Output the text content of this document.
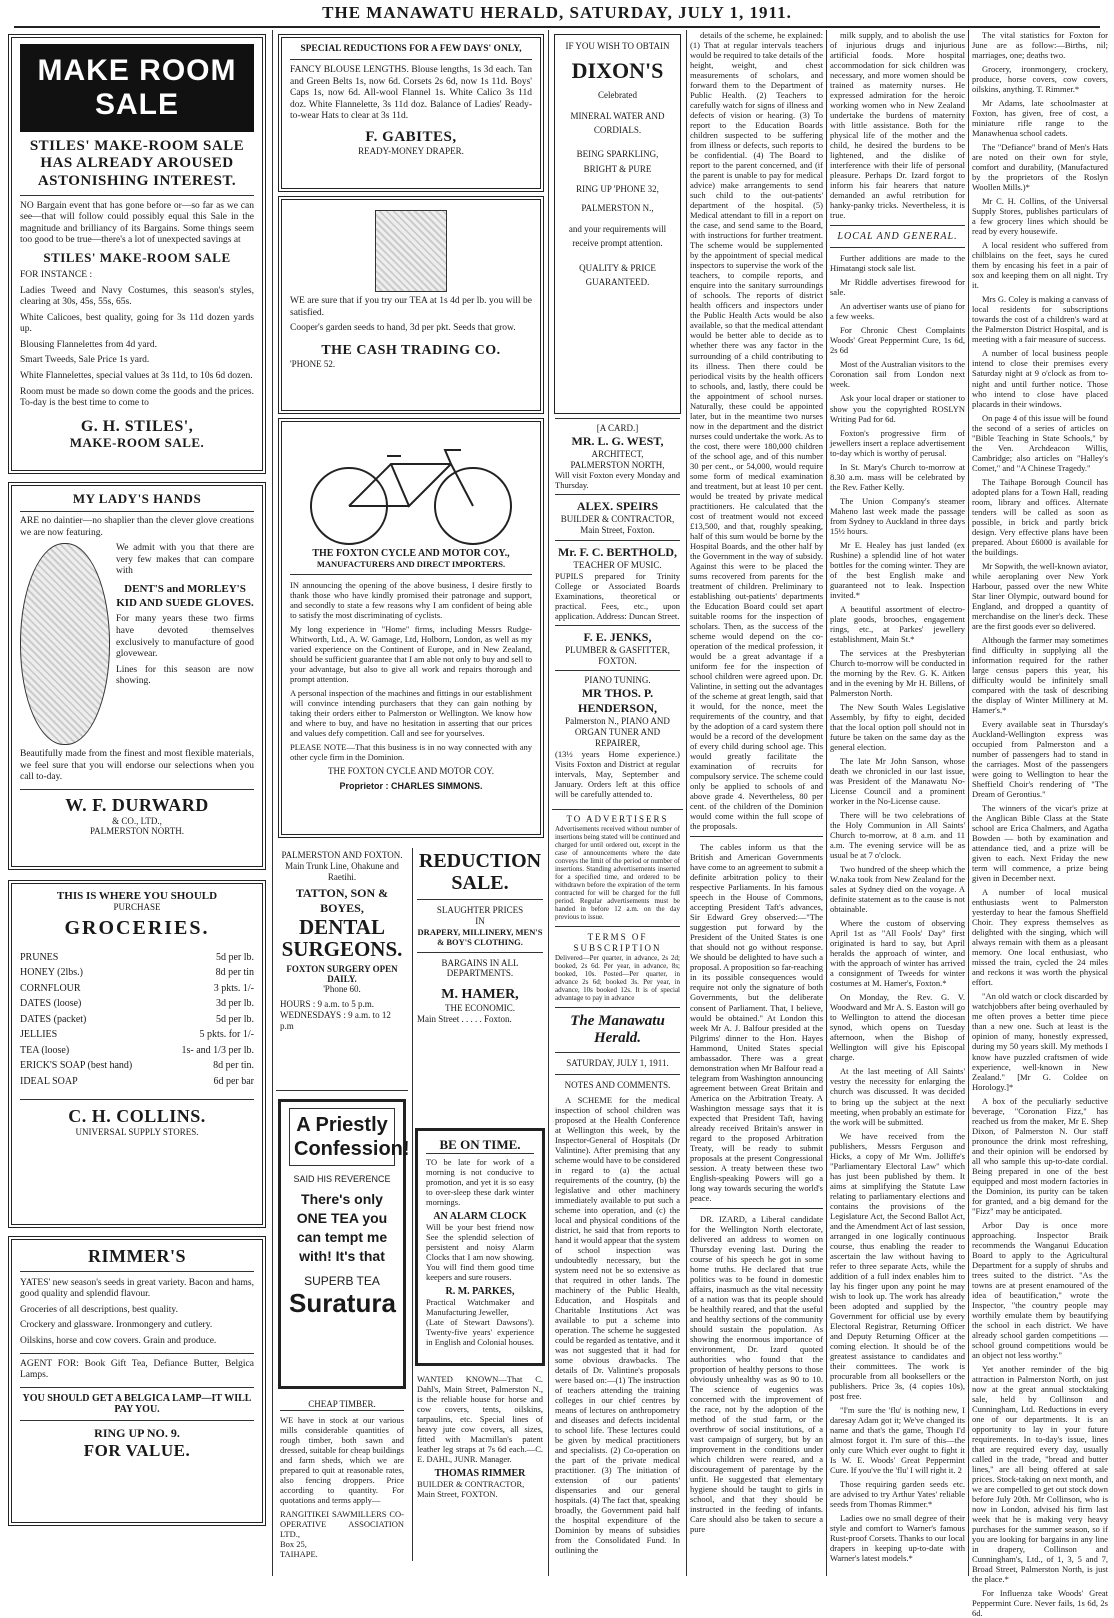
THE MANAWATU HERALD, SATURDAY, JULY 1, 1911.
MAKE ROOM SALE
STILES' MAKE-ROOM SALE HAS ALREADY AROUSED ASTONISHING INTEREST.

NO Bargain event that has gone before or—so far as we can see—that will follow could possibly equal this Sale in the magnitude and brilliancy of its Bargains. Some things seem too good to be true—there's a lot of unexpected savings at

STILES' MAKE-ROOM SALE

FOR INSTANCE :

Ladies Tweed and Navy Costumes, this season's styles, clearing at 30s, 45s, 55s, 65s.

White Calicoes, best quality, going for 3s 11d dozen yards up.

Blousing Flannelettes from 4d yard.

Smart Tweeds, Sale Price 1s yard.

White Flannelettes, special values at 3s 11d, to 10s 6d dozen.

Room must be made so down come the goods and the prices. To-day is the best time to come to

G. H. STILES',
MAKE-ROOM SALE.
MY LADY'S HANDS

ARE no daintier—no shaplier than the clever glove creations we are now featuring.

We admit with you that there are very few makes that can compare with

DENT'S and MORLEY'S KID AND SUEDE GLOVES.

For many years these two firms have devoted themselves exclusively to manufacture of good glovewear.

Lines for this season are now showing.

Beautifully made from the finest and most flexible materials, we feel sure that you will endorse our selections when you call to-day.

W. F. DURWARD
& CO., LTD.,
PALMERSTON NORTH.
THIS IS WHERE YOU SHOULD
PURCHASE
GROCERIES.
PRUNES	5d per lb.
HONEY (2lbs.)	8d per tin
CORNFLOUR	3 pkts. 1/-
DATES (loose)	3d per lb.
DATES (packet)	5d per lb.
JELLIES	5 pkts. for 1/-
TEA (loose)	1s- and 1/3 per lb.
ERICK'S SOAP (best hand)	8d per tin.
IDEAL SOAP	6d per bar
C. H. COLLINS.
UNIVERSAL SUPPLY STORES.
RIMMER'S

YATES' new season's seeds in great variety. Bacon and hams, good quality and splendid flavour.

Groceries of all descriptions, best quality.

Crockery and glassware. Ironmongery and cutlery.

Oilskins, horse and cow covers. Grain and produce.

AGENT FOR: Book Gift Tea, Defiance Butter, Belgica Lamps.

YOU SHOULD GET A BELGICA LAMP—IT WILL PAY YOU.

RING UP NO. 9.
FOR VALUE.
SPECIAL REDUCTIONS FOR A FEW DAYS' ONLY,

FANCY BLOUSE LENGTHS. Blouse lengths, 1s 3d each. Tan and Green Belts 1s, now 6d. Corsets 2s 6d, now 1s 11d. Boys' Caps 1s, now 6d. All-wool Flannel 1s. White Calico 3s 11d doz. White Flannelette, 3s 11d doz. Balance of Ladies' Ready-to-wear Hats to clear at 3s 11d.

F. GABITES,
READY-MONEY DRAPER.

WE are sure that if you try our TEA at 1s 4d per lb. you will be satisfied.

Cooper's garden seeds to hand, 3d per pkt. Seeds that grow.

THE CASH TRADING CO.
'PHONE 52.
THE FOXTON CYCLE AND MOTOR COY.,
MANUFACTURERS AND DIRECT IMPORTERS.

IN announcing the opening of the above business, I desire firstly to thank those who have kindly promised their patronage and support, and secondly to state a few reasons why I am confident of being able to satisfy the most discriminating of cyclists.

My long experience in "Home" firms, including Messrs Rudge-Whitworth, Ltd., A. W. Gamage, Ltd, Holborn, London, as well as my varied experience on the Continent of Europe, and in New Zealand, should be sufficient guarantee that I am able not only to buy and sell to your advantage, but also to give all work and repairs thorough and prompt attention.

A personal inspection of the machines and fittings in our establishment will convince intending purchasers that they can gain nothing by taking their orders either to Palmerston or Wellington. We know how and where to buy, and have no hesitation in asserting that our prices and values defy competition. Call and see for yourselves.

PLEASE NOTE—That this business is in no way connected with any other cycle firm in the Dominion.

THE FOXTON CYCLE AND MOTOR COY.
Proprietor : CHARLES SIMMONS.
PALMERSTON AND FOXTON.
Main Trunk Line, Ohakune and Raetihi.
TATTON, SON & BOYES,
DENTAL SURGEONS.
FOXTON SURGERY OPEN DAILY.
'Phone 60.
HOURS : 9 a.m. to 5 p.m.
WEDNESDAYS : 9 a.m. to 12 p.m
A Priestly Confession!
SAID HIS REVERENCE
There's only ONE TEA you can tempt me with! It's that
SUPERB TEA
Suratura
CHEAP TIMBER.

WE have in stock at our various mills considerable quantities of rough timber, both sawn and dressed, suitable for cheap buildings and farm sheds, which we are prepared to quit at reasonable rates, also fencing droppers. Price according to quantity. For quotations and terms apply—

RANGITIKEI SAWMILLERS CO-OPERATIVE ASSOCIATION LTD.,
Box 25,
TAIHAPE.
REDUCTION SALE.
SLAUGHTER PRICES
IN
DRAPERY, MILLINERY, MEN'S & BOY'S CLOTHING.
BARGAINS IN ALL DEPARTMENTS.
M. HAMER,
THE ECONOMIC.
Main Street . . . . . Foxton.
BE ON TIME.

TO be late for work of a morning is not conducive to promotion, and yet it is so easy to over-sleep these dark winter mornings.

AN ALARM CLOCK

Will be your best friend now See the splendid selection of persistent and noisy Alarm Clocks that I am now showing. You will find them good time keepers and sure rousers.

R. M. PARKES,
Practical Watchmaker and Manufacturing Jeweller,
(Late of Stewart Dawsons'). Twenty-five years' experience in English and Colonial houses.

WANTED KNOWN—That C. Dahl's, Main Street, Palmerston N., is the reliable house for horse and cow covers, tents, oilskins, tarpaulins, etc. Special lines of heavy jute cow covers, all sizes, fitted with Macmillan's patent leather leg straps at 7s 6d each.—C. E. DAHL, JUNR. Manager.

THOMAS RIMMER
BUILDER & CONTRACTOR,
Main Street, FOXTON.
IF YOU WISH TO OBTAIN
DIXON'S
Celebrated
MINERAL WATER AND CORDIALS.
BEING SPARKLING, BRIGHT & PURE
RING UP 'PHONE 32,
PALMERSTON N.,
and your requirements will receive prompt attention.
QUALITY & PRICE GUARANTEED.
[A CARD.]
MR. L. G. WEST,
ARCHITECT,
PALMERSTON NORTH,
Will visit Foxton every Monday and Thursday.
ALEX. SPEIRS
BUILDER & CONTRACTOR,
Main Street, Foxton.
Mr. F. C. BERTHOLD,
TEACHER OF MUSIC.
PUPILS prepared for Trinity College or Associated Boards Examinations, theoretical or practical. Fees, etc., upon application. Address: Duncan Street.
F. E. JENKS,
PLUMBER & GASFITTER,
FOXTON.
PIANO TUNING.
MR THOS. P. HENDERSON,
Palmerston N., PIANO AND ORGAN TUNER AND REPAIRER,
(13½ years Home experience.) Visits Foxton and District at regular intervals, May, September and January. Orders left at this office will be carefully attended to.
TO ADVERTISERS

Advertisements received without number of insertions being stated will be continued and charged for until ordered out, except in the case of announcements where the date conveys the limit of the period or number of insertions. Standing advertisements inserted for a specified time, and ordered to be withdrawn before the expiration of the term contracted for will be charged for the full period. Regular advertisements must be handed in before 12 a.m. on the day previous to issue.

TERMS OF SUBSCRIPTION

Delivered—Per quarter, in advance, 2s 2d; booked, 2s 6d. Per year, in advance, 8s; booked, 10s. Posted—Per quarter, in advance 2s 6d; booked 3s. Per year, in advance, 10s booked 12s. It is of special advantage to pay in advance

The Manawatu Herald.
SATURDAY, JULY 1, 1911.
NOTES AND COMMENTS.

A SCHEME for the medical inspection of school children was proposed at the Health Conference at Wellington this week, by the Inspector-General of Hospitals (Dr Valintine). After premising that any scheme would have to be considered in regard to (a) the actual requirements of the country, (b) the legislative and other machinery immediately available to put such a scheme into operation, and (c) the local and physical conditions of the district, he said that from reports to hand it would appear that the system of school inspection was undoubtedly necessary, but the system need not be so extensive as that required in other lands. The machinery of the Public Health, Education, and Hospitals and Charitable Institutions Act was available to put a scheme into operation. The scheme he suggested could be regarded as tentative, and it was not suggested that it had for some obvious drawbacks. The details of Dr. Valintine's proposals were based on:—(1) The instruction of teachers attending the training colleges in our chief centres by means of lectures on anthropometry and diseases and defects incidental to school life. These lectures could be given by medical practitioners and specialists. (2) Co-operation on the part of the private medical practitioner. (3) The initiation of extension of our patients' dispensaries and our general hospitals. (4) The fact that, speaking broadly, the Government paid half the hospital expenditure of the Dominion by means of subsidies from the Consolidated Fund. In outlining the

details of the scheme, he explained: (1) That at regular intervals teachers would be required to take details of the height, weight, and chest measurements of scholars, and forward them to the Department of Public Health. (2) Teachers to carefully watch for signs of illness and defects of vision or hearing. (3) To report to the Education Boards children suspected to be suffering from illness or defects, such reports to be confidential. (4) The Board to report to the parent concerned, and (if the parent is unable to pay for medical advice) make arrangements to send such child to the out-patients' department of the hospital. (5) Medical attendant to fill in a report on the case, and send same to the Board, with instructions for further treatment. The scheme would be supplemented by the appointment of special medical inspectors to supervise the work of the teachers, to compile reports, and enquire into the sanitary surroundings of schools. The reports of district health officers and inspectors under the Public Health Acts would be also available, so that the medical attendant would be better able to decide as to whether there was any factor in the surrounding of a child contributing to its illness. Then there could be periodical visits by the health officers to schools, and, lastly, there could be the appointment of school nurses. Naturally, these could be appointed later, but in the meantime two nurses now in the department and the district nurses could undertake the work. As to the cost, there were 180,000 children of the school age, and of this number 30 per cent., or 54,000, would require some form of medical examination and treatment, but at least 10 per cent. would be treated by private medical practitioners. He calculated that the cost of treatment would not exceed £13,500, and that, roughly speaking, half of this sum would be borne by the Hospital Boards, and the other half by the Government in the way of subsidy. Against this were to be placed the sums recovered from parents for the treatment of children. Preliminary to establishing out-patients' departments the Education Board could set apart suitable rooms for the inspection of scholars. Then, as the success of the scheme would depend on the co-operation of the medical profession, it would be a great advantage if a uniform fee for the inspection of school children were agreed upon. Dr. Valintine, in setting out the advantages of the scheme at great length, said that it would, for the nonce, meet the requirements of the country, and that by the adoption of a card system there would be a record of the development of every child during school age. This would greatly facilitate the examination of recruits for compulsory service. The scheme could only be applied to schools of and above grade 4. Nevertheless, 80 per cent. of the children of the Dominion would come within the full scope of the proposals.

The cables inform us that the British and American Governments have come to an agreement to submit a definite arbitration policy to their respective Parliaments. In his famous speech in the House of Commons, accepting President Taft's advances, Sir Edward Grey observed:—"The suggestion put forward by the President of the United States is one that should not go without response. We should be delighted to have such a proposal. A proposition so far-reaching in its possible consequences would require not only the signature of both Governments, but the deliberate consent of Parliament. That, I believe, would be obtained." At London this week Mr A. J. Balfour presided at the Pilgrims' dinner to the Hon. Hayes Hammond, United States special ambassador. There was a great demonstration when Mr Balfour read a telegram from Washington announcing agreement between Great Britain and America on the Arbitration Treaty. A Washington message says that it is expected that President Taft, having already received Britain's answer in regard to the proposed Arbitration Treaty, will be ready to submit proposals at the present Congressional session. A treaty between these two English-speaking Powers will go a long way towards securing the world's peace.

DR. IZARD, a Liberal candidate for the Wellington North electorate, delivered an address to women on Thursday evening last. During the course of his speech he got in some home truths. He declared that true politics was to be found in domestic affairs, inasmuch as the vital necessity of a nation was that its people should be healthily reared, and that the useful and healthy sections of the community should sustain the population. As showing the enormous importance of environment, Dr. Izard quoted authorities who found that the proportion of healthy persons to those obviously unhealthy was as 90 to 10. The science of eugenics was concerned with the improvement of the race, not by the adoption of the method of the stud farm, or the overthrow of social institutions, of a vast campaign of surgery, but by an improvement in the conditions under which children were reared, and a discouragement of parentage by the unfit. He suggested that elementary hygiene should be taught to girls in school, and that they should be instructed in the feeding of infants. Care should also be taken to secure a pure

milk supply, and to abolish the use of injurious drugs and injurious artificial foods. More hospital accommodation for sick children was necessary, and more women should be trained as maternity nurses. He expressed admiration for the heroic working women who in New Zealand undertake the burdens of maternity with little assistance. Both for the physical life of the mother and the child, he desired the burdens to be lightened, and the dislike of interference with their life of personal pleasure. Perhaps Dr. Izard forgot to inform his fair hearers that nature demanded an awful retribution for hanky-panky tricks. Nevertheless, it is true.

LOCAL AND GENERAL.

Further additions are made to the Himatangi stock sale list.

Mr Riddle advertises firewood for sale.

An advertiser wants use of piano for a few weeks.

For Chronic Chest Complaints Woods' Great Peppermint Cure, 1s 6d, 2s 6d

Most of the Australian visitors to the Coronation sail from London next week.

Ask your local draper or stationer to show you the copyrighted ROSLYN Writing Pad for 6d.

Foxton's progressive firm of jewellers insert a replace advertisement to-day which is worthy of perusal.

In St. Mary's Church to-morrow at 8.30 a.m. mass will be celebrated by the Rev. Father Kelly.

The Union Company's steamer Maheno last week made the passage from Sydney to Auckland in three days 15½ hours.

Mr E. Healey has just landed (ex Rushine) a splendid line of hot water bottles for the coming winter. They are of the best English make and guaranteed not to leak. Inspection invited.*

A beautiful assortment of electro-plate goods, brooches, engagement rings, etc., at Parkes' jewellery establishment, Main St.*

The services at the Presbyterian Church to-morrow will be conducted in the morning by the Rev. G. K. Aitken and in the evening by Mr H. Billens, of Palmerston North.

The New South Wales Legislative Assembly, by fifty to eight, decided that the local option poll should not in future be taken on the same day as the general election.

The late Mr John Sanson, whose death we chronicled in our last issue, was President of the Manawatu No-License Council and a prominent worker in the No-License cause.

There will be two celebrations of the Holy Communion in All Saints' Church to-morrow, at 8 a.m. and 11 a.m. The evening service will be as usual be at 7 o'clock.

Two hundred of the sheep which the W.naka took from New Zealand for the sales at Sydney died on the voyage. A definite statement as to the cause is not obtainable.

Where the custom of observing April 1st as "All Fools' Day" first originated is hard to say, but April heralds the approach of winter, and with the approach of winter has arrived a consignment of Tweeds for winter costumes at M. Hamer's, Foxton.*

On Monday, the Rev. G. V. Woodward and Mr A. S. Easton will go to Wellington to attend the diocesan synod, which opens on Tuesday afternoon, when the Bishop of Wellington will give his Episcopal charge.

At the last meeting of All Saints' vestry the necessity for enlarging the church was discussed. It was decided to bring up the subject at the next meeting, when probably an estimate for the work will be submitted.

We have received from the publishers, Messrs Ferguson and Hicks, a copy of Mr Wm. Jolliffe's "Parliamentary Electoral Law" which has just been published by them. It aims at simplifying the Statute Law relating to parliamentary elections and contains the provisions of the Legislature Act, the Second Ballot Act, and the Amendment Act of last session, arranged in one logically continuous course, thus enabling the reader to ascertain the law without having to refer to three separate Acts, while the addition of a full index enables him to lay his finger upon any point he may wish to look up. The work has already been adopted and supplied by the Government for official use by every Electoral Registrar, Returning Officer and Deputy Returning Officer at the coming election. It should be of the greatest assistance to candidates and their committees. The work is procurable from all booksellers or the publishers. Price 3s, (4 copies 10s), post free.

"I'm sure the 'flu' is nothing new, I daresay Adam got it; We've changed its name and that's the game, Though I'd almost forgot it. I'm sure of this—the only cure Which ever ought to fight it Is W. E. Woods' Great Peppermint Cure. If you've the 'flu' I will right it. 2

Those requiring garden seeds etc. are advised to try Arthur Yates' reliable seeds from Thomas Rimmer.*

Ladies owe no small degree of their style and comfort to Warner's famous Rust-proof Corsets. Thanks to our local drapers in keeping up-to-date with Warner's latest models.*

The vital statistics for Foxton for June are as follow:—Births, nil; marriages, one; deaths two.

Grocery, ironmongery, crockery, produce, horse covers, cow covers, oilskins, anything. T. Rimmer.*

Mr Adams, late schoolmaster at Foxton, has given, free of cost, a miniature rifle range to the Manawhenua school cadets.

The "Defiance" brand of Men's Hats are noted on their own for style, comfort and durability, (Manufactured by the proprietors of the Roslyn Woollen Mills.)*

Mr C. H. Collins, of the Universal Supply Stores, publishes particulars of a few grocery lines which should be read by every housewife.

A local resident who suffered from chilblains on the feet, says he cured them by encasing his feet in a pair of sox and keeping them on all night. Try it.

Mrs G. Coley is making a canvass of local residents for subscriptions towards the cost of a children's ward at the Palmerston District Hospital, and is meeting with a fair measure of success.

A number of local business people intend to close their premises every Saturday night at 9 o'clock as from to-night and until further notice. Those who intend to close have placed placards in their windows.

On page 4 of this issue will be found the second of a series of articles on "Bible Teaching in State Schools," by the Ven. Archdeacon Willis, Cambridge; also articles on "Halley's Comet," and "A Chinese Tragedy."

The Taihape Borough Council has adopted plans for a Town Hall, reading room, library and offices. Alternate tenders will be called as soon as possible, in brick and partly brick design. Very effective plans have been prepared. About £6000 is available for the buildings.

Mr Sopwith, the well-known aviator, while aeroplaning over New York Harbour, passed over the new White Star liner Olympic, outward bound for England, and dropped a quantity of merchandise on the liner's deck. These are the first goods ever so delivered.

Although the farmer may sometimes find difficulty in supplying all the information required for the rather large census papers this year, his difficulty would be infinitely small compared with the task of describing the display of Winter Millinery at M. Hamer's.*

Every available seat in Thursday's Auckland-Wellington express was occupied from Palmerston and a number of passengers had to stand in the carriages. Most of the passengers were going to Wellington to hear the Sheffield Choir's rendering of "The Dream of Gerontius."

The winners of the vicar's prize at the Anglican Bible Class at the State school are Erica Chalmers, and Agatha Bowden — both by examination and attendance tied, and a prize will be given to each. Next Friday the new term will commence, a prize being given in December next.

A number of local musical enthusiasts went to Palmerston yesterday to hear the famous Sheffield Choir. They express themselves as delighted with the singing, which will always remain with them as a pleasant memory. One local enthusiast, who missed the train, cycled the 24 miles and reckons it was worth the physical effort.

"An old watch or clock discarded by watchjobbers after being overhauled by me often proves a better time piece than a new one. Such at least is the opinion of many, honestly expressed, during my 50 years skill. My methods I know have puzzled craftsmen of wide experience, well-known in New Zealand." [Mr G. Coldee on Horology.]*

A box of the peculiarly seductive beverage, "Coronation Fizz," has reached us from the maker, Mr E. Shep Dixon, of Palmerston N. Our staff pronounce the drink most refreshing, and their opinion will be endorsed by all who sample this up-to-date cordial. Being prepared in one of the best equipped and most modern factories in the Dominion, its purity can be taken for granted, and a big demand for the "Fizz" may be anticipated.

Arbor Day is once more approaching. Inspector Braik recommends the Wanganui Education Board to apply to the Agricultural Department for a supply of shrubs and trees suited to the district. "As the towns are at present enamoured of the idea of beautification," wrote the Inspector, "the country people may worthily emulate them by beautifying the school in each district. We have already school garden competitions — school ground competitions would be an object not less worthy."

Yet another reminder of the big attraction in Palmerston North, on just now at the great annual stocktaking sale, held by Collinson and Cunningham, Ltd. Reductions in every one of our departments. It is an opportunity to lay in your future requirements. In to-day's issue, lines that are required every day, usually called in the trade, "bread and butter lines," are all being offered at sale prices. Stock-taking on next month, and we are compelled to get out stock down before July 20th. Mr Collinson, who is now in London, advised his firm last week that he is making very heavy purchases for the summer season, so if you are looking for bargains in any line in drapery, Collinson and Cunningham's, Ltd., of 1, 3, 5 and 7, Broad Street, Palmerston North, is just the place.*

For Influenza take Woods' Great Peppermint Cure. Never fails, 1s 6d, 2s 6d.
